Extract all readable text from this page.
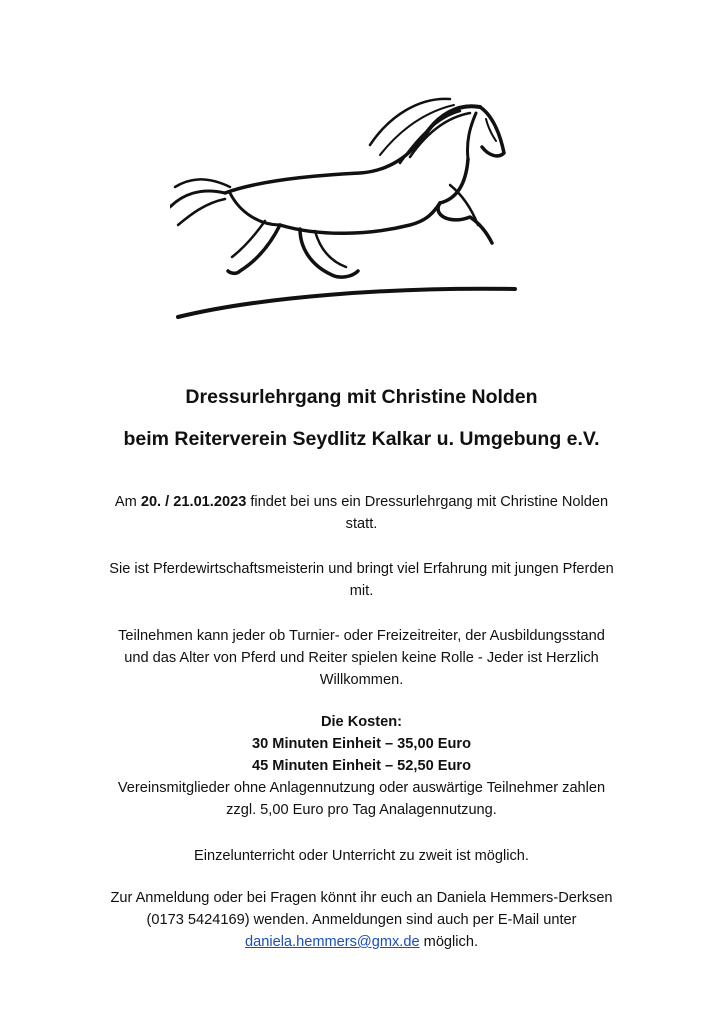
Dressurlehrgang mit Christine Nolden
beim Reiterverein Seydlitz Kalkar u. Umgebung e.V.

Am 20. / 21.01.2023 findet bei uns ein Dressurlehrgang mit Christine Nolden
statt.

Sie ist Pferdewirtschaftsmeisterin und bringt viel Erfahrung mit jungen Pferden
mit.

Teilnehmen kann jeder ob Turnier- oder Freizeitreiter, der Ausbildungsstand
und das Alter von Pferd und Reiter spielen keine Rolle - Jeder ist Herzlich
Willkommen.

Die Kosten:
30 Minuten Einheit – 35,00 Euro
45 Minuten Einheit – 52,50 Euro
Vereinsmitglieder ohne Anlagennutzung oder auswärtige Teilnehmer zahlen
zzgl. 5,00 Euro pro Tag Analagennutzung.

Einzelunterricht oder Unterricht zu zweit ist möglich.

Zur Anmeldung oder bei Fragen könnt ihr euch an Daniela Hemmers-Derksen
(0173 5424169) wenden. Anmeldungen sind auch per E-Mail unter
daniela.hemmers@gmx.de möglich.
